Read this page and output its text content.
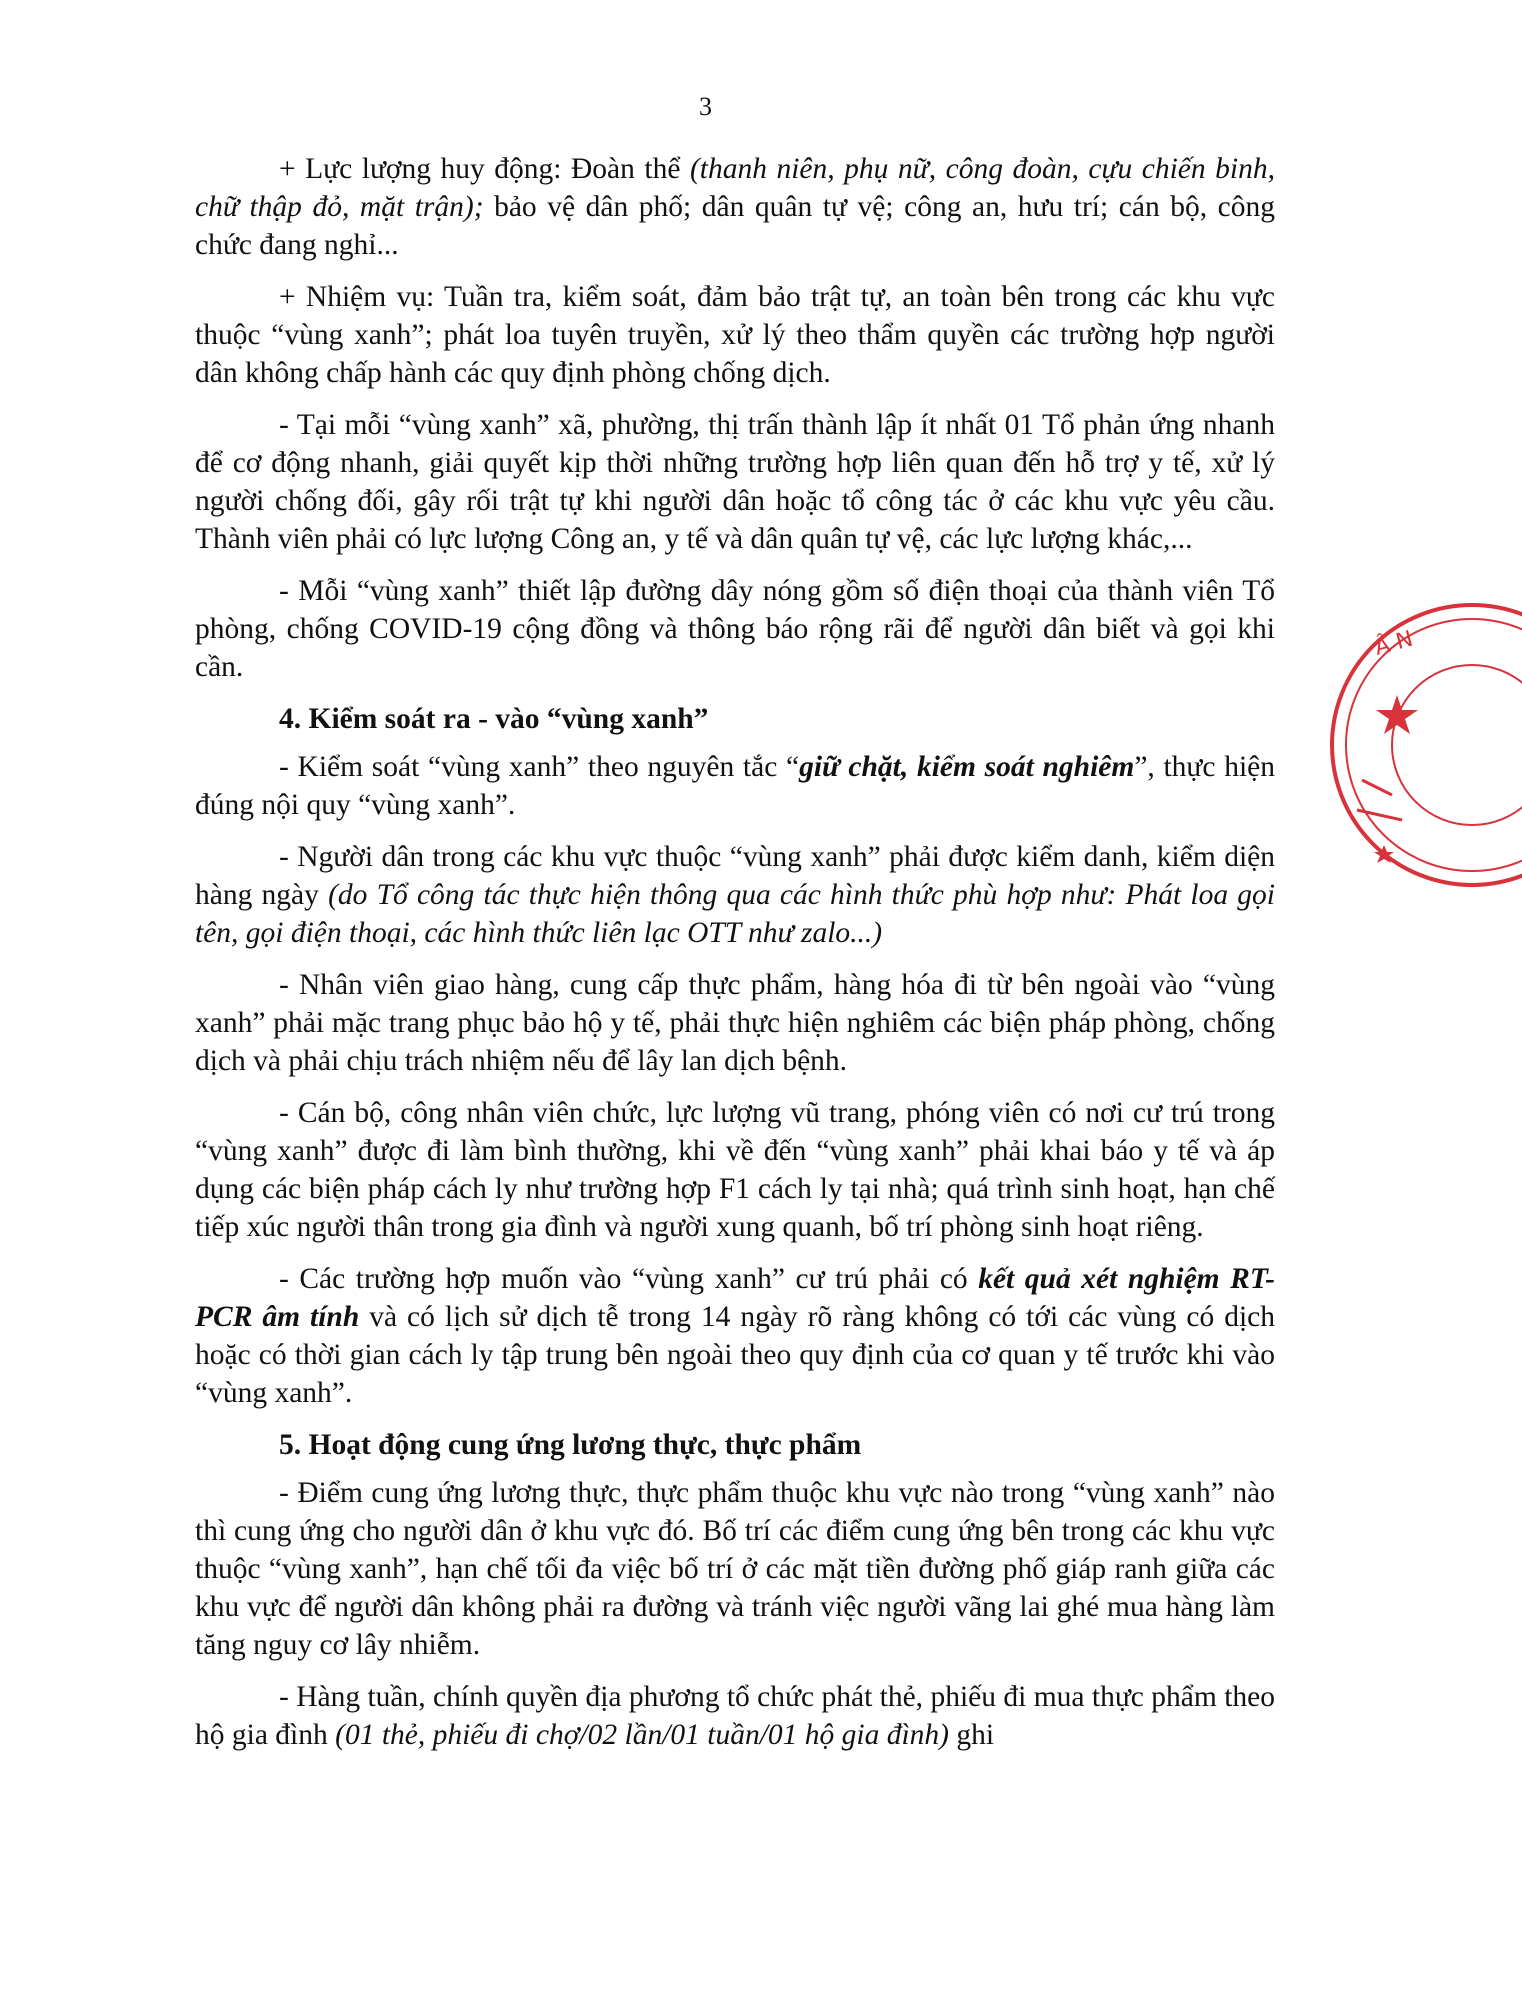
3

+ Lực lượng huy động: Đoàn thể (thanh niên, phụ nữ, công đoàn, cựu chiến binh, chữ thập đỏ, mặt trận); bảo vệ dân phố; dân quân tự vệ; công an, hưu trí; cán bộ, công chức đang nghỉ...

+ Nhiệm vụ: Tuần tra, kiểm soát, đảm bảo trật tự, an toàn bên trong các khu vực thuộc “vùng xanh”; phát loa tuyên truyền, xử lý theo thẩm quyền các trường hợp người dân không chấp hành các quy định phòng chống dịch.

- Tại mỗi “vùng xanh” xã, phường, thị trấn thành lập ít nhất 01 Tổ phản ứng nhanh để cơ động nhanh, giải quyết kịp thời những trường hợp liên quan đến hỗ trợ y tế, xử lý người chống đối, gây rối trật tự khi người dân hoặc tổ công tác ở các khu vực yêu cầu. Thành viên phải có lực lượng Công an, y tế và dân quân tự vệ, các lực lượng khác,...

- Mỗi “vùng xanh” thiết lập đường dây nóng gồm số điện thoại của thành viên Tổ phòng, chống COVID-19 cộng đồng và thông báo rộng rãi để người dân biết và gọi khi cần.

4. Kiểm soát ra - vào “vùng xanh”

- Kiểm soát “vùng xanh” theo nguyên tắc “giữ chặt, kiểm soát nghiêm”, thực hiện đúng nội quy “vùng xanh”.

- Người dân trong các khu vực thuộc “vùng xanh” phải được kiểm danh, kiểm diện hàng ngày (do Tổ công tác thực hiện thông qua các hình thức phù hợp như: Phát loa gọi tên, gọi điện thoại, các hình thức liên lạc OTT như zalo...)

- Nhân viên giao hàng, cung cấp thực phẩm, hàng hóa đi từ bên ngoài vào “vùng xanh” phải mặc trang phục bảo hộ y tế, phải thực hiện nghiêm các biện pháp phòng, chống dịch và phải chịu trách nhiệm nếu để lây lan dịch bệnh.

- Cán bộ, công nhân viên chức, lực lượng vũ trang, phóng viên có nơi cư trú trong “vùng xanh” được đi làm bình thường, khi về đến “vùng xanh” phải khai báo y tế và áp dụng các biện pháp cách ly như trường hợp F1 cách ly tại nhà; quá trình sinh hoạt, hạn chế tiếp xúc người thân trong gia đình và người xung quanh, bố trí phòng sinh hoạt riêng.

- Các trường hợp muốn vào “vùng xanh” cư trú phải có kết quả xét nghiệm RT-PCR âm tính và có lịch sử dịch tễ trong 14 ngày rõ ràng không có tới các vùng có dịch hoặc có thời gian cách ly tập trung bên ngoài theo quy định của cơ quan y tế trước khi vào “vùng xanh”.

5. Hoạt động cung ứng lương thực, thực phẩm

- Điểm cung ứng lương thực, thực phẩm thuộc khu vực nào trong “vùng xanh” nào thì cung ứng cho người dân ở khu vực đó. Bố trí các điểm cung ứng bên trong các khu vực thuộc “vùng xanh”, hạn chế tối đa việc bố trí ở các mặt tiền đường phố giáp ranh giữa các khu vực để người dân không phải ra đường và tránh việc người vãng lai ghé mua hàng làm tăng nguy cơ lây nhiễm.

- Hàng tuần, chính quyền địa phương tổ chức phát thẻ, phiếu đi mua thực phẩm theo hộ gia đình (01 thẻ, phiếu đi chợ/02 lần/01 tuần/01 hộ gia đình) ghi

Â N
